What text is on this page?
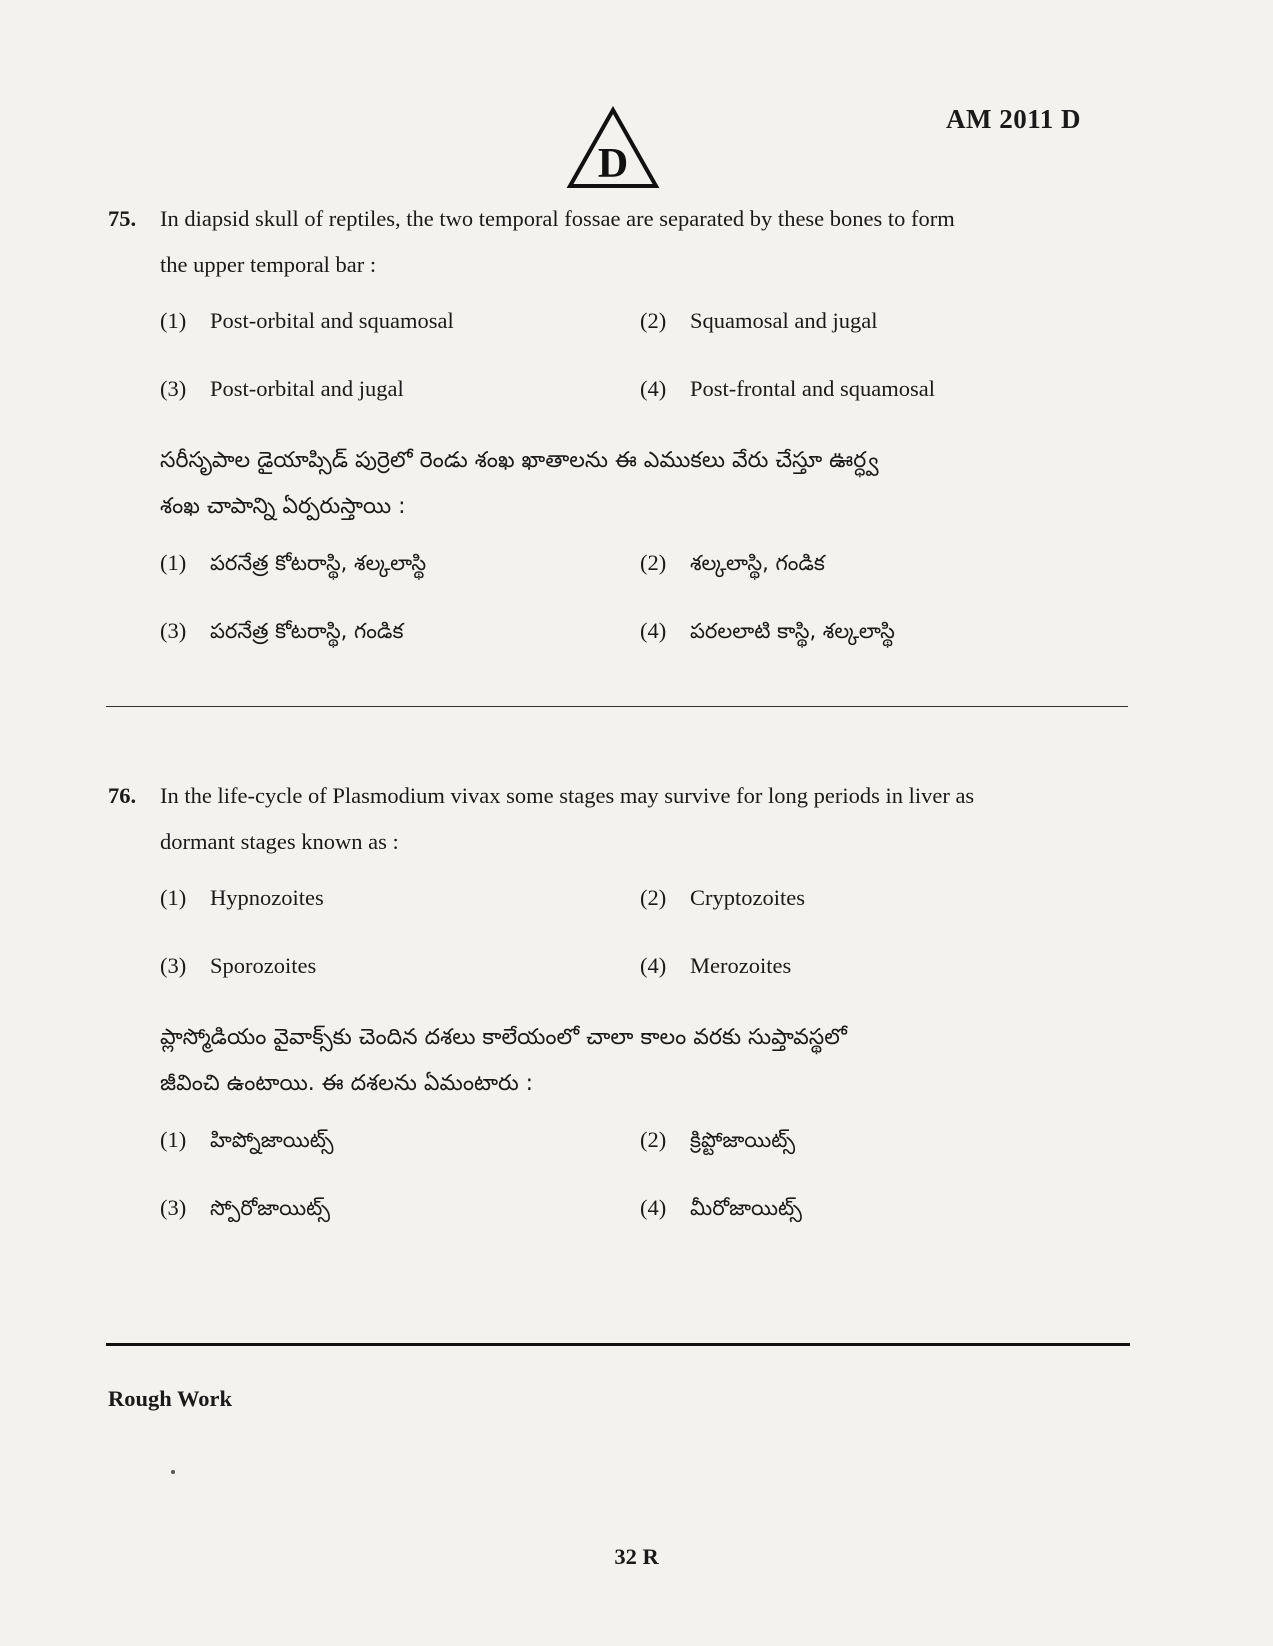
D
AM 2011 D
75. In diapsid skull of reptiles, the two temporal fossae are separated by these bones to form
the upper temporal bar :
(1) Post-orbital and squamosal	(2) Squamosal and jugal
(3) Post-orbital and jugal	(4) Post-frontal and squamosal
సరీసృపాల డైయాప్సిడ్ పుర్రెలో రెండు శంఖ ఖాతాలను ఈ ఎముకలు వేరు చేస్తూ ఊర్ధ్వ
శంఖ చాపాన్ని ఏర్పరుస్తాయి :
(1) పరనేత్ర కోటరాస్థి, శల్కలాస్థి	(2) శల్కలాస్థి, గండిక
(3) పరనేత్ర కోటరాస్థి, గండిక	(4) పరలలాటి కాస్థి, శల్కలాస్థి
76. In the life-cycle of Plasmodium vivax some stages may survive for long periods in liver as
dormant stages known as :
(1) Hypnozoites	(2) Cryptozoites
(3) Sporozoites	(4) Merozoites
ప్లాస్మోడియం వైవాక్స్‌కు చెందిన దశలు కాలేయంలో చాలా కాలం వరకు సుప్తావస్థలో
జీవించి ఉంటాయి. ఈ దశలను ఏమంటారు :
(1) హిప్నోజాయిట్స్	(2) క్రిప్టోజాయిట్స్
(3) స్పోరోజాయిట్స్	(4) మీరోజాయిట్స్
Rough Work
32 R
